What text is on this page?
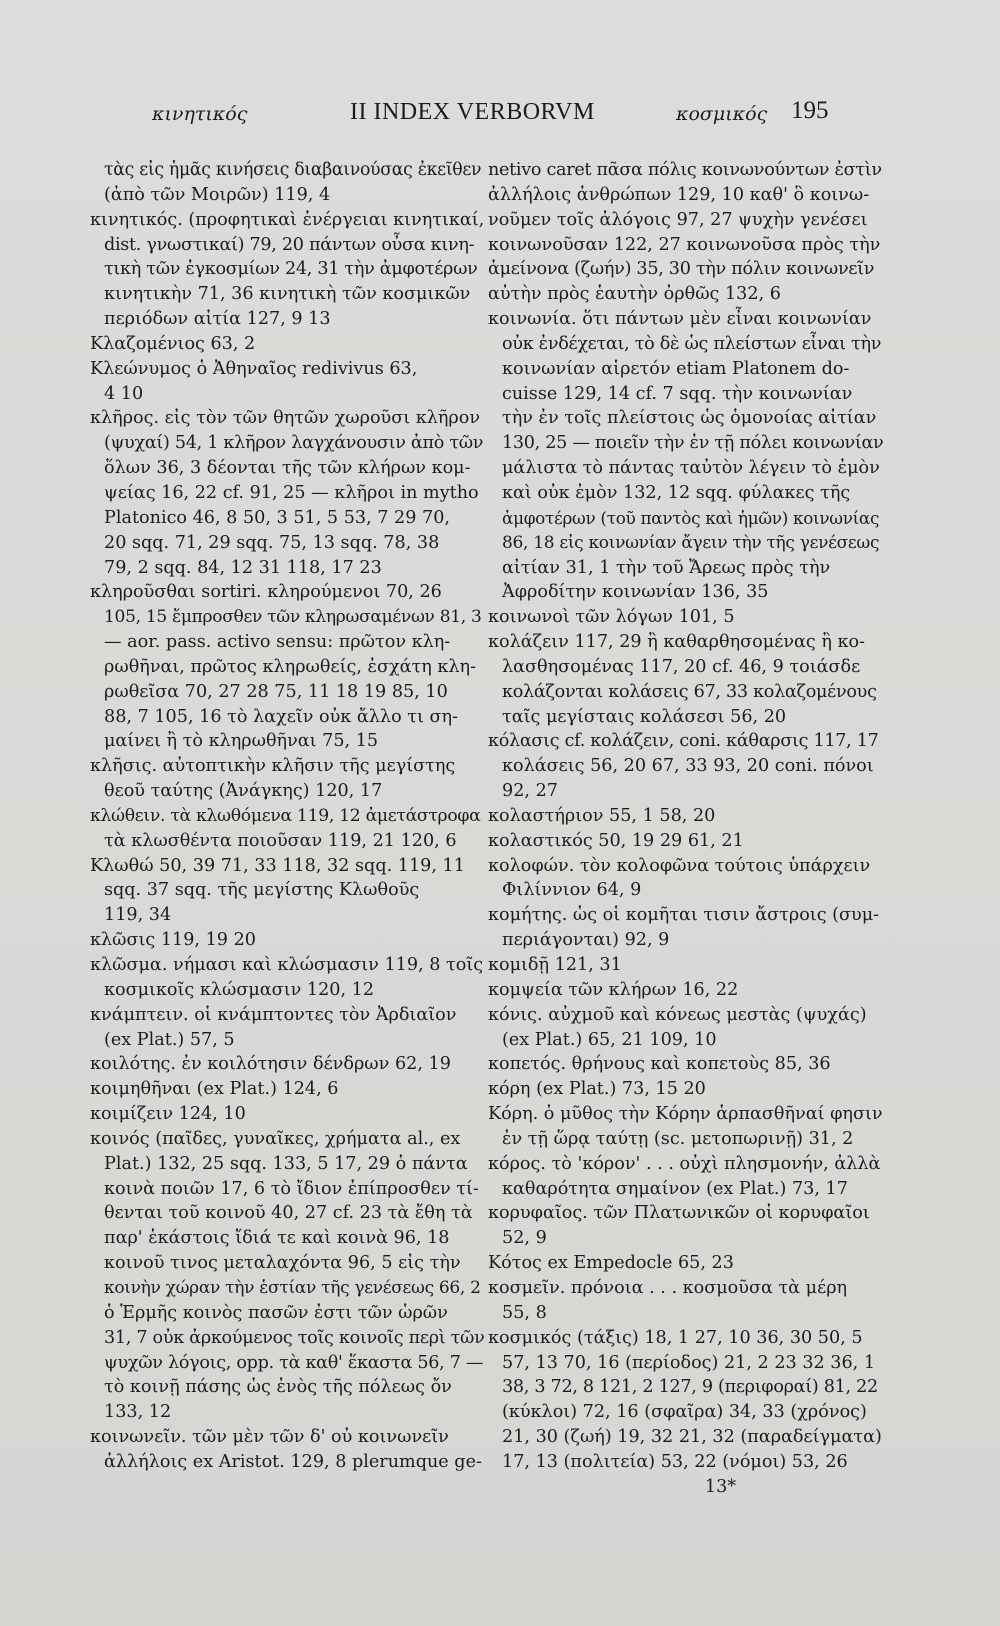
κινητικός	II INDEX VERBORVM	κοσμικός 195
τὰς εἰς ἡμᾶς κινήσεις διαβαινούσας ἐκεῖθεν
(ἀπὸ τῶν Μοιρῶν) 119, 4
κινητικός. (προφητικαὶ ἐνέργειαι κινητικαί,
dist. γνωστικαί) 79, 20 πάντων οὖσα κινη-
τικὴ τῶν ἐγκοσμίων 24, 31 τὴν ἀμφοτέρων
κινητικὴν 71, 36 κινητικὴ τῶν κοσμικῶν
περιόδων αἰτία 127, 9 13
Κλαζομένιος 63, 2
Κλεώνυμος ὁ Ἀθηναῖος redivivus 63,
4 10
κλῆρος. εἰς τὸν τῶν θητῶν χωροῦσι κλῆρον
(ψυχαί) 54, 1 κλῆρον λαγχάνουσιν ἀπὸ τῶν
ὅλων 36, 3 δέονται τῆς τῶν κλήρων κομ-
ψείας 16, 22 cf. 91, 25 — κλῆροι in mytho
Platonico 46, 8 50, 3 51, 5 53, 7 29 70,
20 sqq. 71, 29 sqq. 75, 13 sqq. 78, 38
79, 2 sqq. 84, 12 31 118, 17 23
κληροῦσθαι sortiri. κληρούμενοι 70, 26
105, 15 ἔμπροσθεν τῶν κληρωσαμένων 81, 3
— aor. pass. activo sensu: πρῶτον κλη-
ρωθῆναι, πρῶτος κληρωθείς, ἐσχάτη κλη-
ρωθεῖσα 70, 27 28 75, 11 18 19 85, 10
88, 7 105, 16 τὸ λαχεῖν οὐκ ἄλλο τι ση-
μαίνει ἢ τὸ κληρωθῆναι 75, 15
κλῆσις. αὐτοπτικὴν κλῆσιν τῆς μεγίστης
θεοῦ ταύτης (Ἀνάγκης) 120, 17
κλώθειν. τὰ κλωθόμενα 119, 12 ἀμετάστροφα
τὰ κλωσθέντα ποιοῦσαν 119, 21 120, 6
Κλωθώ 50, 39 71, 33 118, 32 sqq. 119, 11
sqq. 37 sqq. τῆς μεγίστης Κλωθοῦς
119, 34
κλῶσις 119, 19 20
κλῶσμα. νήμασι καὶ κλώσμασιν 119, 8 τοῖς
κοσμικοῖς κλώσμασιν 120, 12
κνάμπτειν. οἱ κνάμπτοντες τὸν Ἀρδιαῖον
(ex Plat.) 57, 5
κοιλότης. ἐν κοιλότησιν δένδρων 62, 19
κοιμηθῆναι (ex Plat.) 124, 6
κοιμίζειν 124, 10
κοινός (παῖδες, γυναῖκες, χρήματα al., ex
Plat.) 132, 25 sqq. 133, 5 17, 29 ὁ πάντα
κοινὰ ποιῶν 17, 6 τὸ ἴδιον ἐπίπροσθεν τί-
θενται τοῦ κοινοῦ 40, 27 cf. 23 τὰ ἔθη τὰ
παρ' ἑκάστοις ἴδιά τε καὶ κοινὰ 96, 18
κοινοῦ τινος μεταλαχόντα 96, 5 εἰς τὴν
κοινὴν χώραν τὴν ἑστίαν τῆς γενέσεως 66, 2
ὁ Ἑρμῆς κοινὸς πασῶν ἐστι τῶν ὡρῶν
31, 7 οὐκ ἀρκούμενος τοῖς κοινοῖς περὶ τῶν
ψυχῶν λόγοις, opp. τὰ καθ' ἕκαστα 56, 7 —
τὸ κοινῇ πάσης ὡς ἑνὸς τῆς πόλεως ὄν
133, 12
κοινωνεῖν. τῶν μὲν τῶν δ' οὐ κοινωνεῖν
ἀλλήλοις ex Aristot. 129, 8 plerumque ge-
netivo caret πᾶσα πόλις κοινωνούντων ἐστὶν
ἀλλήλοις ἀνθρώπων 129, 10 καθ' ὃ κοινω-
νοῦμεν τοῖς ἀλόγοις 97, 27 ψυχὴν γενέσει
κοινωνοῦσαν 122, 27 κοινωνοῦσα πρὸς τὴν
ἀμείνονα (ζωήν) 35, 30 τὴν πόλιν κοινωνεῖν
αὐτὴν πρὸς ἑαυτὴν ὀρθῶς 132, 6
κοινωνία. ὅτι πάντων μὲν εἶναι κοινωνίαν
οὐκ ἐνδέχεται, τὸ δὲ ὡς πλείστων εἶναι τὴν
κοινωνίαν αἱρετόν etiam Platonem do-
cuisse 129, 14 cf. 7 sqq. τὴν κοινωνίαν
τὴν ἐν τοῖς πλείστοις ὡς ὁμονοίας αἰτίαν
130, 25 — ποιεῖν τὴν ἐν τῇ πόλει κοινωνίαν
μάλιστα τὸ πάντας ταὐτὸν λέγειν τὸ ἐμὸν
καὶ οὐκ ἐμὸν 132, 12 sqq. φύλακες τῆς
ἀμφοτέρων (τοῦ παντὸς καὶ ἡμῶν) κοινωνίας
86, 18 εἰς κοινωνίαν ἄγειν τὴν τῆς γενέσεως
αἰτίαν 31, 1 τὴν τοῦ Ἄρεως πρὸς τὴν
Ἀφροδίτην κοινωνίαν 136, 35
κοινωνοὶ τῶν λόγων 101, 5
κολάζειν 117, 29 ἢ καθαρθησομένας ἢ κο-
λασθησομένας 117, 20 cf. 46, 9 τοιάσδε
κολάζονται κολάσεις 67, 33 κολαζομένους
ταῖς μεγίσταις κολάσεσι 56, 20
κόλασις cf. κολάζειν, coni. κάθαρσις 117, 17
κολάσεις 56, 20 67, 33 93, 20 coni. πόνοι
92, 27
κολαστήριον 55, 1 58, 20
κολαστικός 50, 19 29 61, 21
κολοφών. τὸν κολοφῶνα τούτοις ὑπάρχειν
Φιλίννιον 64, 9
κομήτης. ὡς οἱ κομῆται τισιν ἄστροις (συμ-
περιάγονται) 92, 9
κομιδῇ 121, 31
κομψεία τῶν κλήρων 16, 22
κόνις. αὐχμοῦ καὶ κόνεως μεστὰς (ψυχάς)
(ex Plat.) 65, 21 109, 10
κοπετός. θρήνους καὶ κοπετοὺς 85, 36
κόρη (ex Plat.) 73, 15 20
Κόρη. ὁ μῦθος τὴν Κόρην ἁρπασθῆναί φησιν
ἐν τῇ ὥρᾳ ταύτῃ (sc. μετοπωρινῇ) 31, 2
κόρος. τὸ 'κόρον' . . . οὐχὶ πλησμονήν, ἀλλὰ
καθαρότητα σημαίνον (ex Plat.) 73, 17
κορυφαῖος. τῶν Πλατωνικῶν οἱ κορυφαῖοι
52, 9
Κότος ex Empedocle 65, 23
κοσμεῖν. πρόνοια . . . κοσμοῦσα τὰ μέρη
55, 8
κοσμικός (τάξις) 18, 1 27, 10 36, 30 50, 5
57, 13 70, 16 (περίοδος) 21, 2 23 32 36, 1
38, 3 72, 8 121, 2 127, 9 (περιφοραί) 81, 22
(κύκλοι) 72, 16 (σφαῖρα) 34, 33 (χρόνος)
21, 30 (ζωή) 19, 32 21, 32 (παραδείγματα)
17, 13 (πολιτεία) 53, 22 (νόμοι) 53, 26
13*
